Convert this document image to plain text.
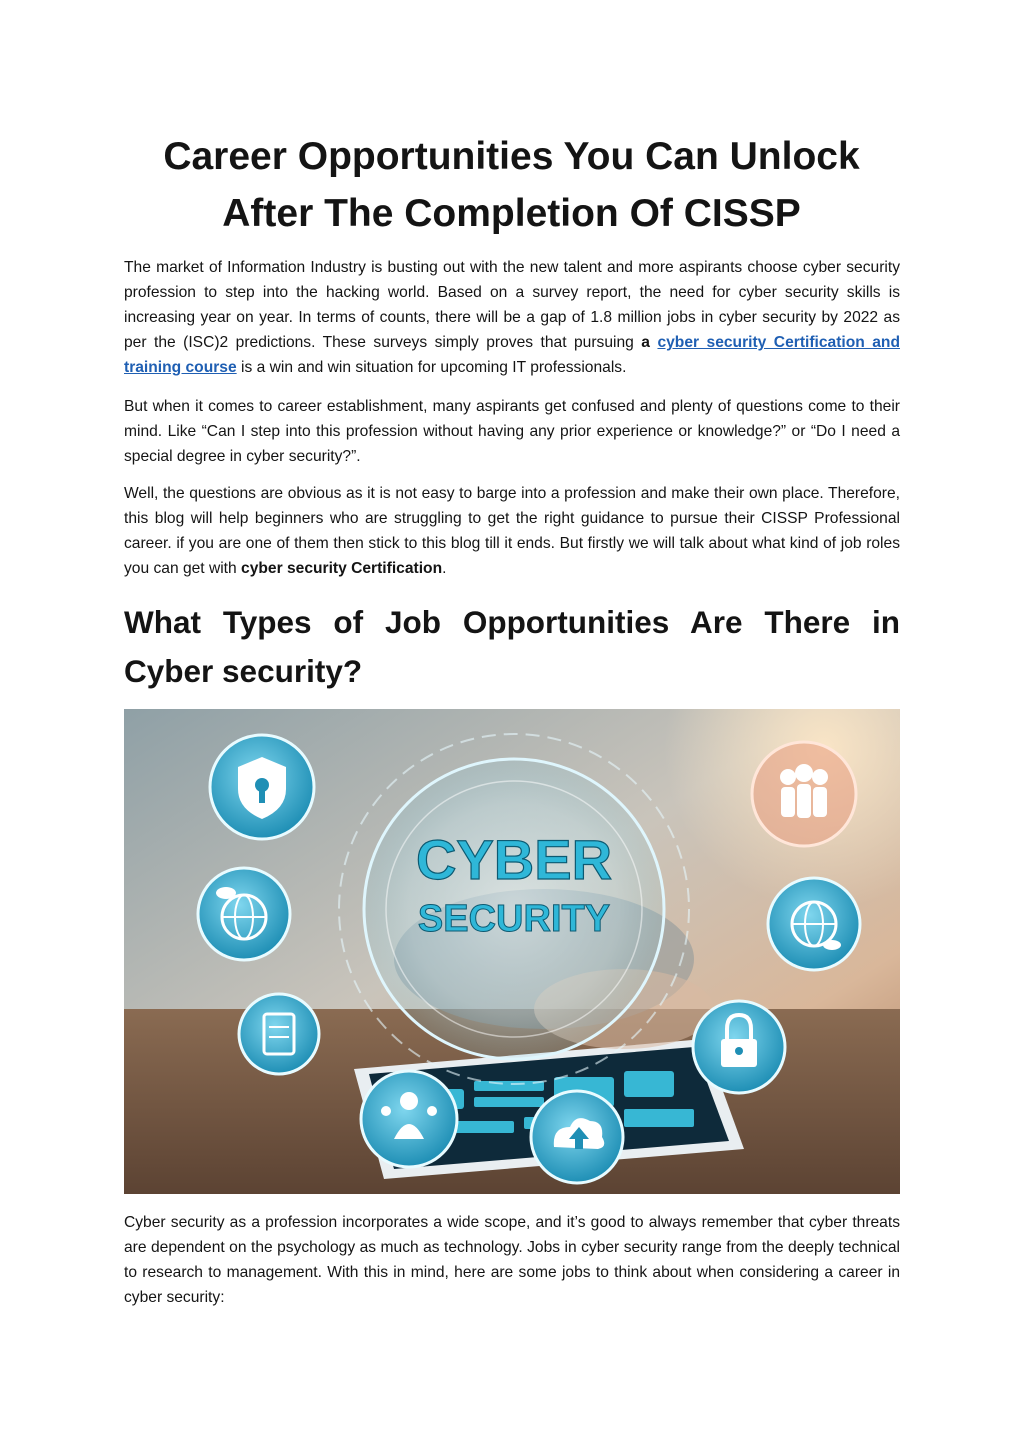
Career Opportunities You Can Unlock
After The Completion Of CISSP

The market of Information Industry is busting out with the new talent and more aspirants choose cyber security profession to step into the hacking world. Based on a survey report, the need for cyber security skills is increasing year on year. In terms of counts, there will be a gap of 1.8 million jobs in cyber security by 2022 as per the (ISC)2 predictions. These surveys simply proves that pursuing a cyber security Certification and training course is a win and win situation for upcoming IT professionals.

But when it comes to career establishment, many aspirants get confused and plenty of questions come to their mind. Like “Can I step into this profession without having any prior experience or knowledge?” or “Do I need a special degree in cyber security?”.

Well, the questions are obvious as it is not easy to barge into a profession and make their own place. Therefore, this blog will help beginners who are struggling to get the right guidance to pursue their CISSP Professional career. if you are one of them then stick to this blog till it ends. But firstly we will talk about what kind of job roles you can get with cyber security Certification.

What Types of Job Opportunities Are There in Cyber security?
CYBER
SECURITY

Cyber security as a profession incorporates a wide scope, and it’s good to always remember that cyber threats are dependent on the psychology as much as technology. Jobs in cyber security range from the deeply technical to research to management. With this in mind, here are some jobs to think about when considering a career in cyber security:
